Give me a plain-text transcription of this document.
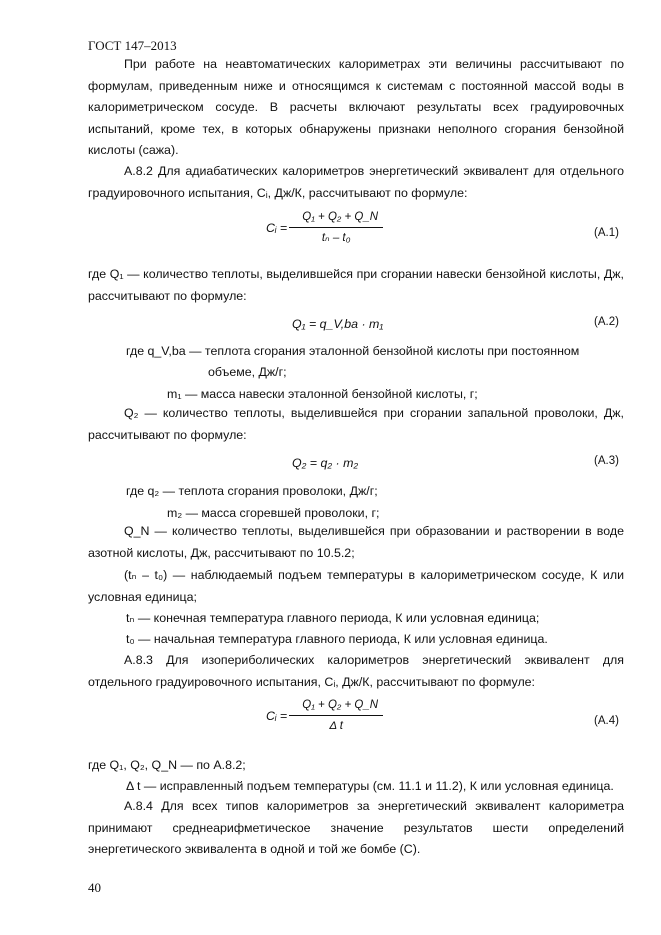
ГОСТ 147–2013

При работе на неавтоматических калориметрах эти величины рассчитывают по формулам, приведенным ниже и относящимся к системам с постоянной массой воды в калориметрическом сосуде. В расчеты включают результаты всех градуировочных испытаний, кроме тех, в которых обнаружены признаки неполного сгорания бензойной кислоты (сажа).

А.8.2 Для адиабатических калориметров энергетический эквивалент для отдельного градуировочного испытания, Cᵢ, Дж/К, рассчитывают по формуле:

Cᵢ = $\frac{\text{Q₁ + Q₂ + Q\_N}}{\text{tₙ – t₀}}$	(А.1)

где Q₁ — количество теплоты, выделившейся при сгорании навески бензойной кислоты, Дж, рассчитывают по формуле:

Q₁ = q_V,ba · m₁	(А.2)
где q_V,ba — теплота сгорания эталонной бензойной кислоты при постоянном
объеме, Дж/г;
m₁ — масса навески эталонной бензойной кислоты, г;

Q₂ — количество теплоты, выделившейся при сгорании запальной проволоки, Дж, рассчитывают по формуле:

Q₂ = q₂ · m₂	(А.3)
где q₂ — теплота сгорания проволоки, Дж/г;
m₂ — масса сгоревшей проволоки, г;

Q_N — количество теплоты, выделившейся при образовании и растворении в воде азотной кислоты, Дж, рассчитывают по 10.5.2;

(tₙ – t₀) — наблюдаемый подъем температуры в калориметрическом сосуде, К или условная единица;

tₙ — конечная температура главного периода, К или условная единица;
t₀ — начальная температура главного периода, К или условная единица.

А.8.3 Для изопериболических калориметров энергетический эквивалент для отдельного градуировочного испытания, Cᵢ, Дж/К, рассчитывают по формуле:

Cᵢ = $\frac{\text{Q₁ + Q₂ + Q\_N}}{\text{Δ t}}$	(А.4)
где Q₁, Q₂, Q_N — по А.8.2;
Δ t — исправленный подъем температуры (см. 11.1 и 11.2), К или условная единица.

А.8.4 Для всех типов калориметров за энергетический эквивалент калориметра принимают среднеарифметическое значение результатов шести определений энергетического эквивалента в одной и той же бомбе (C).

40
